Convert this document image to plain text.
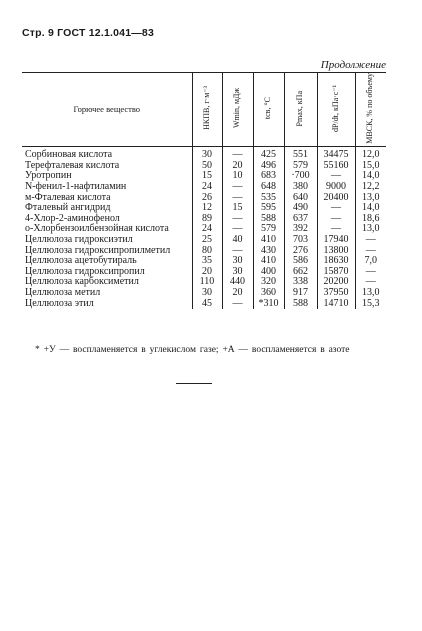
Стр. 9 ГОСТ 12.1.041—83
Продолжение
Горючее вещество	НКПВ, г·м⁻³	Wmin, мДж	tсв, °C	Pmax, кПа	dP/dt, кПа·с⁻¹	МВСК, % по объему
Сорбиновая кислота	30	—	425	551	34475	12,0
Терефталевая кислота	50	20	496	579	55160	15,0
Уротропин	15	10	683	·700	—	14,0
N-фенил-1-нафтиламин	24	—	648	380	9000	12,2
м-Фталевая кислота	26	—	535	640	20400	13,0
Фталевый ангидрид	12	15	595	490	—	14,0
4-Хлор-2-аминофенол	89	—	588	637	—	18,6
о-Хлорбензоилбензойная кислота	24	—	579	392	—	13,0
Целлюлоза гидроксиэтил	25	40	410	703	17940	—
Целлюлоза гидроксипропилметил	80	—	430	276	13800	—
Целлюлоза ацетобутираль	35	30	410	586	18630	7,0
Целлюлоза гидроксипропил	20	30	400	662	15870	—
Целлюлоза карбоксиметил	110	440	320	338	20200	—
Целлюлоза метил	30	20	360	917	37950	13,0
Целлюлоза этил	45	—	*310	588	14710	15,3
* +У — воспламеняется в углекислом газе; +А — воспламеняется в азоте
